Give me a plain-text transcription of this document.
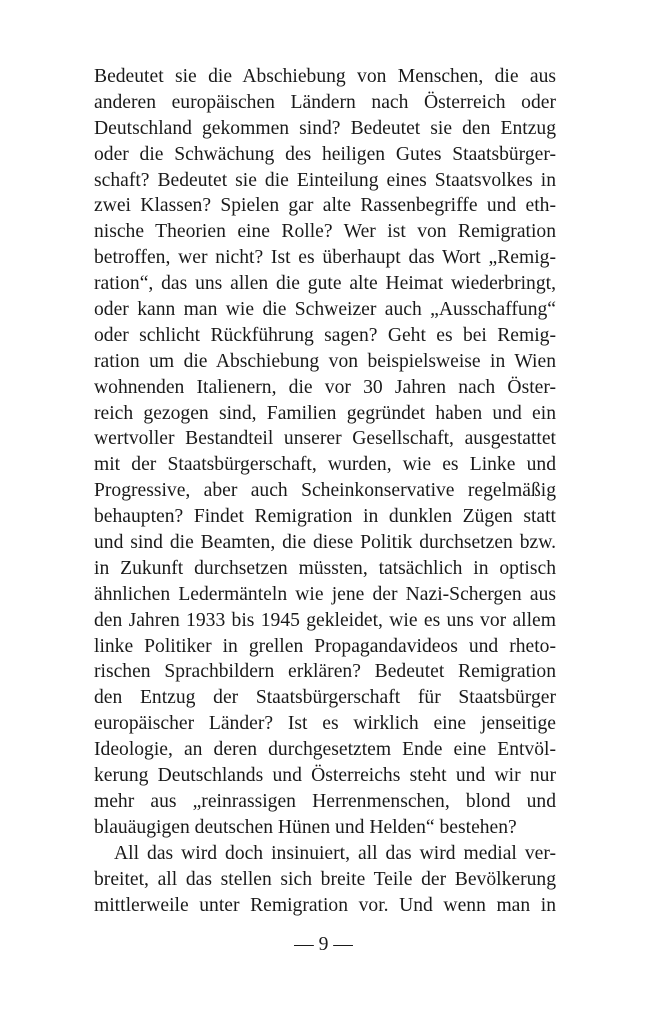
Bedeutet sie die Abschiebung von Menschen, die aus
anderen europäischen Ländern nach Österreich oder
Deutschland gekommen sind? Bedeutet sie den Entzug
oder die Schwächung des heiligen Gutes Staatsbürger-
schaft? Bedeutet sie die Einteilung eines Staatsvolkes in
zwei Klassen? Spielen gar alte Rassenbegriffe und eth-
nische Theorien eine Rolle? Wer ist von Remigration
betroffen, wer nicht? Ist es überhaupt das Wort „Remig-
ration“, das uns allen die gute alte Heimat wiederbringt,
oder kann man wie die Schweizer auch „Ausschaffung“
oder schlicht Rückführung sagen? Geht es bei Remig-
ration um die Abschiebung von beispielsweise in Wien
wohnenden Italienern, die vor 30 Jahren nach Öster-
reich gezogen sind, Familien gegründet haben und ein
wertvoller Bestandteil unserer Gesellschaft, ausgestattet
mit der Staatsbürgerschaft, wurden, wie es Linke und
Progressive, aber auch Scheinkonservative regelmäßig
behaupten? Findet Remigration in dunklen Zügen statt
und sind die Beamten, die diese Politik durchsetzen bzw.
in Zukunft durchsetzen müssten, tatsächlich in optisch
ähnlichen Ledermänteln wie jene der Nazi-Schergen aus
den Jahren 1933 bis 1945 gekleidet, wie es uns vor allem
linke Politiker in grellen Propagandavideos und rheto-
rischen Sprachbildern erklären? Bedeutet Remigration
den Entzug der Staatsbürgerschaft für Staatsbürger
europäischer Länder? Ist es wirklich eine jenseitige
Ideologie, an deren durchgesetztem Ende eine Entvöl-
kerung Deutschlands und Österreichs steht und wir nur
mehr aus „reinrassigen Herrenmenschen, blond und
blauäugigen deutschen Hünen und Helden“ bestehen?
All das wird doch insinuiert, all das wird medial ver-
breitet, all das stellen sich breite Teile der Bevölkerung
mittlerweile unter Remigration vor. Und wenn man in
— 9 —
